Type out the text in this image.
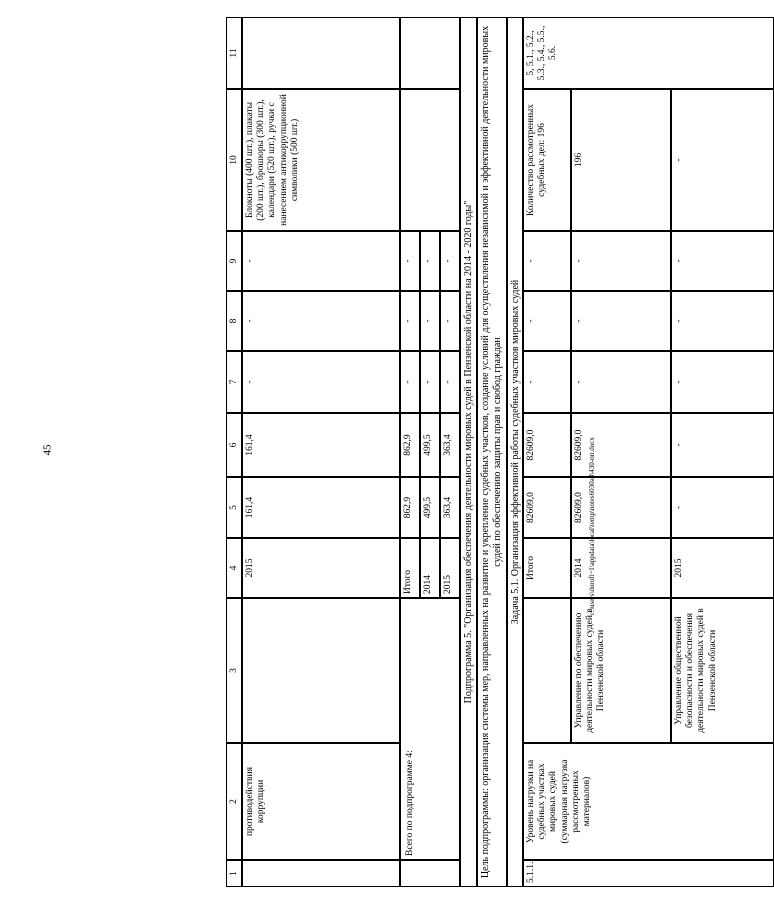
45	c:\users\dorofi~1\appdata\local\temp\notes6030a8\430-пп.docx
1
2
3
4
5
6
7
8
9
10
11
противодействия коррупции
2015
161,4
161,4
-
-
-
Блокноты (400 шт.), плакаты (200 шт.), брошюры (300 шт.), календари (520 шт.), ручки с нанесением антикоррупционной символики (500 шт.)
Всего по подпрограмме 4:
Итого
862,9
862,9
-
-
-
2014
499,5
499,5
-
-
-
2015
363,4
363,4
-
-
-	Подпрограмма 5. "Организация обеспечения деятельности мировых судей в Пензенской области на 2014 - 2020 годы" Цель подпрограммы: организация системы мер, направленных на развитие и укрепление судебных участков, создание условий для осуществления независимой и эффективной деятельности мировых судей по обеспечению защиты прав и свобод граждан Задача 5.1. Организация эффективной работы судебных участков мировых судей
5.1.1.
Уровень нагрузки на судебных участках мировых судей (суммарная нагрузка рассмотренных материалов)
Итого
82609,0
82609,0
-
-
-
Количество рассмотренных судебных дел: 196
5, 5.1., 5.2., 5.3., 5.4., 5.5., 5.6.
Управление по обеспечению деятельности мировых судей в Пензенской области
2014
82609,0
82609,0
-
-
-
196
Управление общественной безопасности и обеспечения деятельности мировых судей в Пензенской области
2015
-
-
-
-
-
-
